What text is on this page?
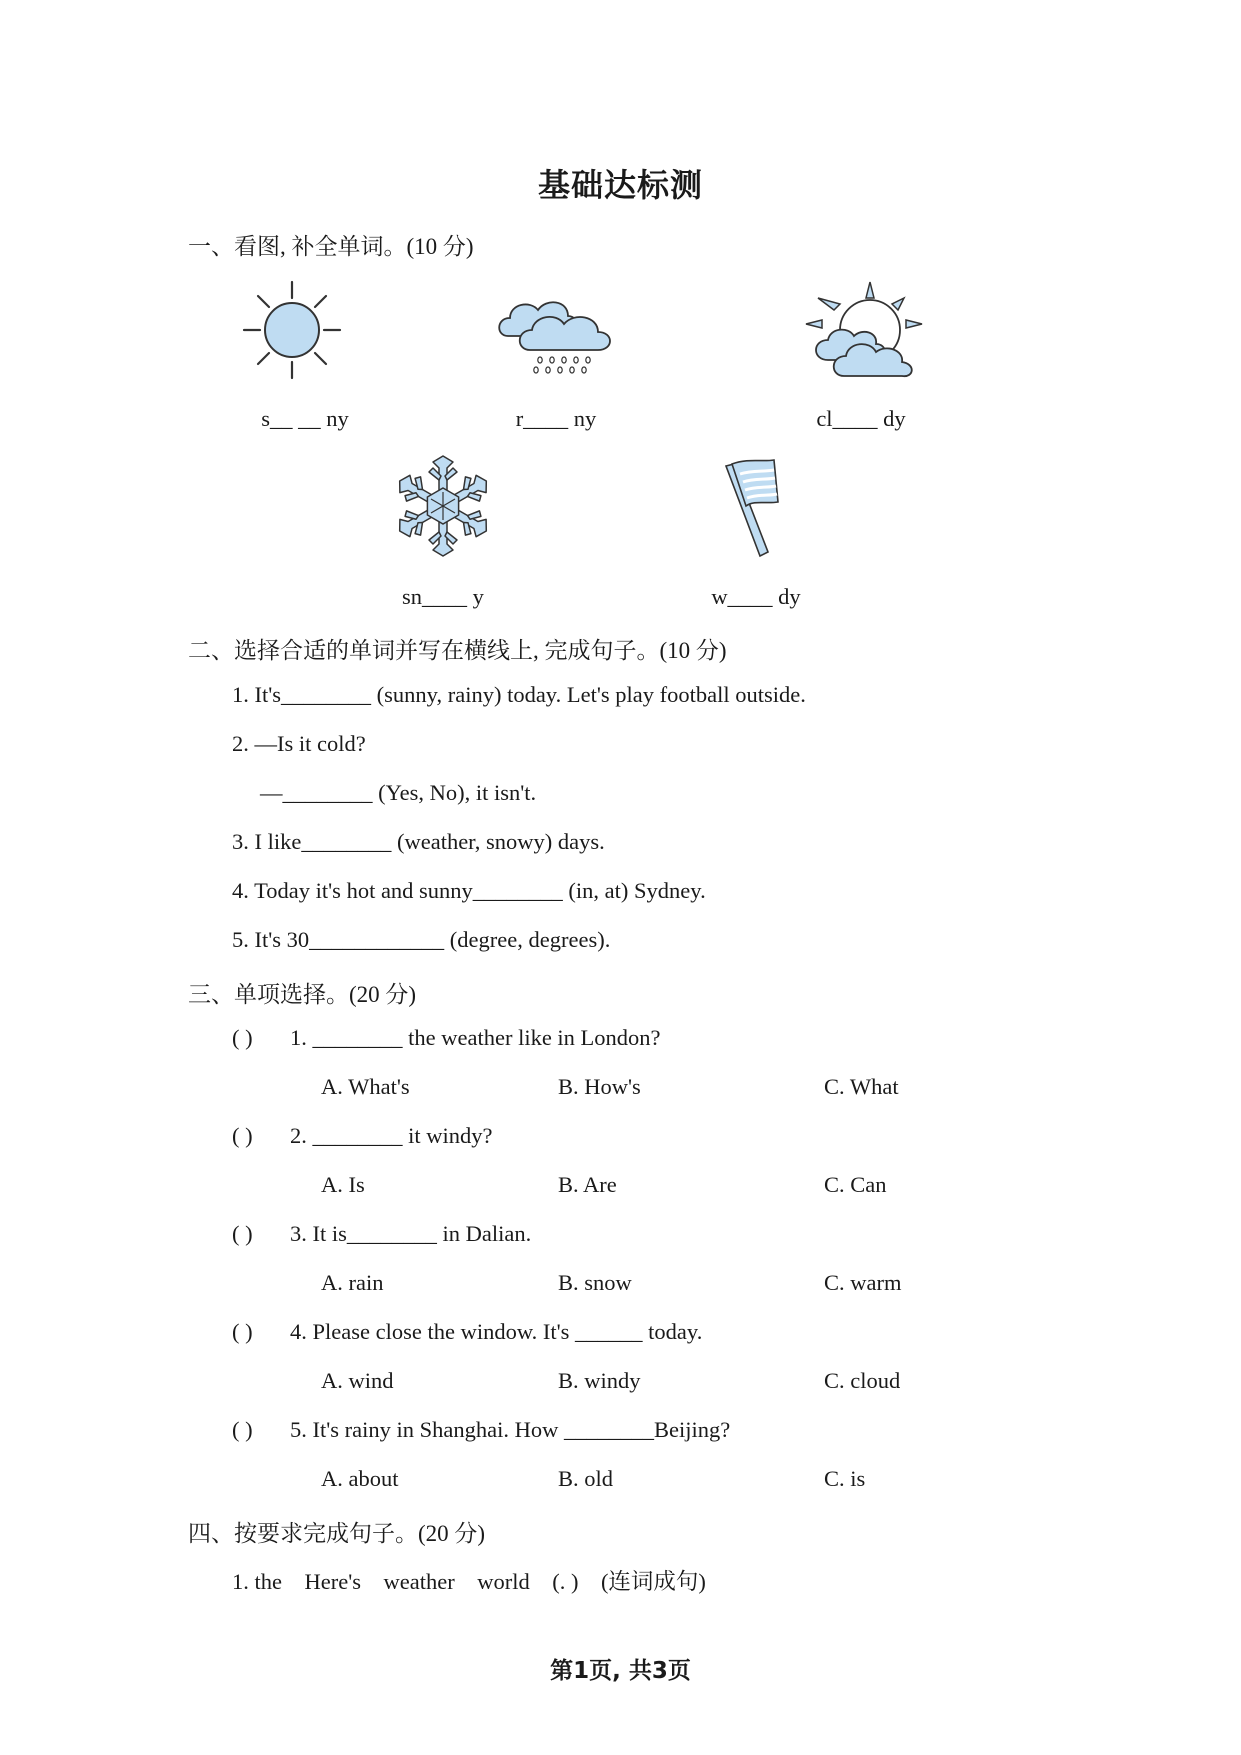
基础达标测
一、看图, 补全单词。(10 分)
s__ __ ny	r____ ny	cl____ dy
sn____ y	w____ dy
二、选择合适的单词并写在横线上, 完成句子。(10 分)
1. It's________ (sunny, rainy) today. Let's play football outside.
2. —Is it cold?
—________ (Yes, No), it isn't.
3. I like________ (weather, snowy) days.
4. Today it's hot and sunny________ (in, at) Sydney.
5. It's 30____________ (degree, degrees).
三、单项选择。(20 分)
( ) 1. ________ the weather like in London?
A. What's	B. How's	C. What
( ) 2. ________ it windy?
A. Is	B. Are	C. Can
( ) 3. It is________ in Dalian.
A. rain	B. snow	C. warm
( ) 4. Please close the window. It's ______ today.
A. wind	B. windy	C. cloud
( ) 5. It's rainy in Shanghai. How ________Beijing?
A. about	B. old	C. is
四、按要求完成句子。(20 分)
1. the    Here's    weather    world    (. )    (连词成句)
第1页, 共3页
